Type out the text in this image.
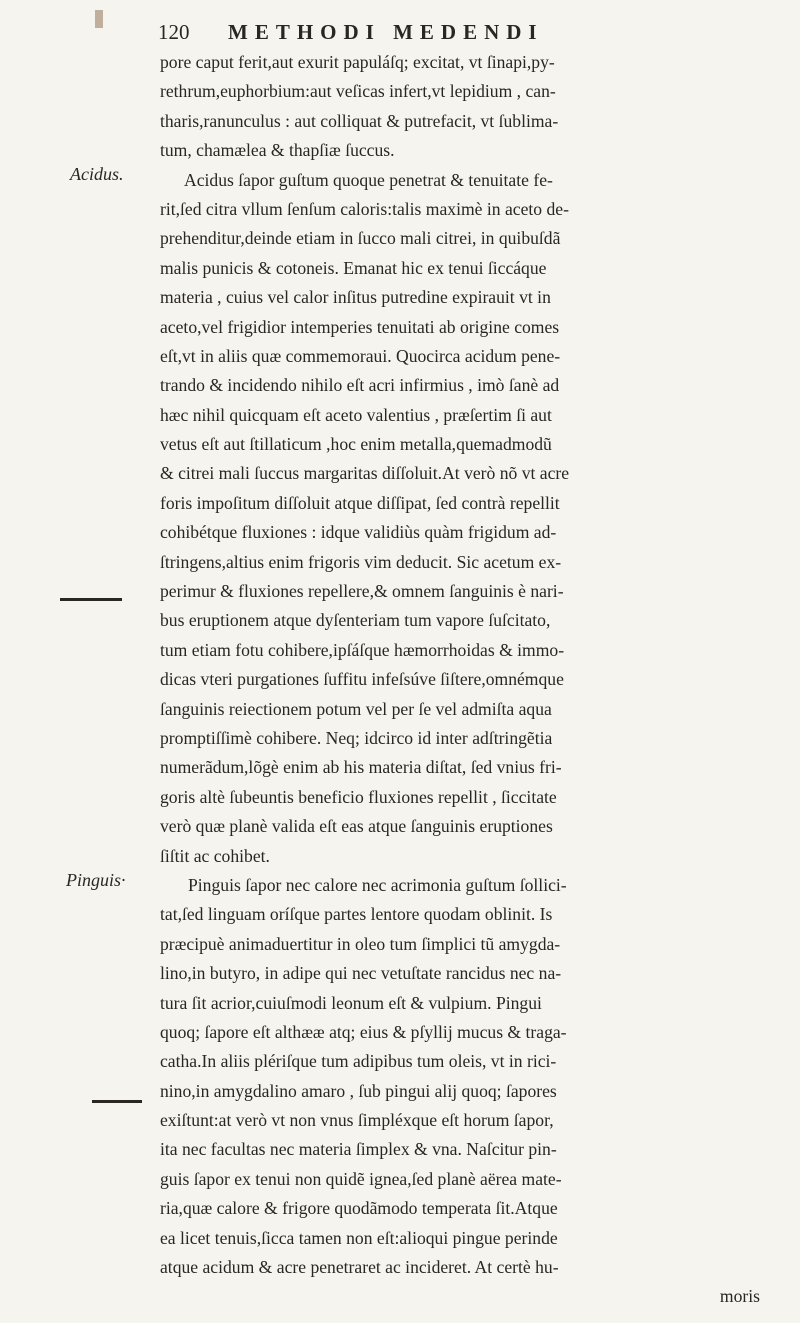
120 METHODI MEDENDI
Acidus.
Pinguis·
pore caput ferit,aut exurit papuláſq; excitat, vt ſinapi,py-
rethrum,euphorbium:aut veſicas infert,vt lepidium , can-
tharis,ranunculus : aut colliquat & putrefacit, vt ſublima-
tum, chamælea & thapſiæ ſuccus.
Acidus ſapor guſtum quoque penetrat & tenuitate fe-
rit,ſed citra vllum ſenſum caloris:talis maximè in aceto de-
prehenditur,deinde etiam in ſucco mali citrei, in quibuſdã
malis punicis & cotoneis. Emanat hic ex tenui ſiccáque
materia , cuius vel calor inſitus putredine expirauit vt in
aceto,vel frigidior intemperies tenuitati ab origine comes
eſt,vt in aliis quæ commemoraui. Quocirca acidum pene-
trando & incidendo nihilo eſt acri infirmius , imò ſanè ad
hæc nihil quicquam eſt aceto valentius , præſertim ſi aut
vetus eſt aut ſtillaticum ,hoc enim metalla,quemadmodũ
& citrei mali ſuccus margaritas diſſoluit.At verò nõ vt acre
foris impoſitum diſſoluit atque diſſipat, ſed contrà repellit
cohibétque fluxiones : idque validiùs quàm frigidum ad-
ſtringens,altius enim frigoris vim deducit. Sic acetum ex-
perimur & fluxiones repellere,& omnem ſanguinis è nari-
bus eruptionem atque dyſenteriam tum vapore ſuſcitato,
tum etiam fotu cohibere,ipſáſque hæmorrhoidas & immo-
dicas vteri purgationes ſuffitu infeſsúve ſiſtere,omnémque
ſanguinis reiectionem potum vel per ſe vel admiſta aqua
promptiſſimè cohibere. Neq; idcirco id inter adſtringẽtia
numerãdum,lõgè enim ab his materia diſtat, ſed vnius fri-
goris altè ſubeuntis beneficio fluxiones repellit , ſiccitate
verò quæ planè valida eſt eas atque ſanguinis eruptiones
ſiſtit ac cohibet.
Pinguis ſapor nec calore nec acrimonia guſtum ſollici-
tat,ſed linguam oríſque partes lentore quodam oblinit. Is
præcipuè animaduertitur in oleo tum ſimplici tũ amygda-
lino,in butyro, in adipe qui nec vetuſtate rancidus nec na-
tura ſit acrior,cuiuſmodi leonum eſt & vulpium. Pingui
quoq; ſapore eſt althææ atq; eius & pſyllij mucus & traga-
catha.In aliis plériſque tum adipibus tum oleis, vt in rici-
nino,in amygdalino amaro , ſub pingui alij quoq; ſapores
exiſtunt:at verò vt non vnus ſimpléxque eſt horum ſapor,
ita nec facultas nec materia ſimplex & vna. Naſcitur pin-
guis ſapor ex tenui non quidẽ ignea,ſed planè aërea mate-
ria,quæ calore & frigore quodãmodo temperata ſit.Atque
ea licet tenuis,ſicca tamen non eſt:alioqui pingue perinde
atque acidum & acre penetraret ac incideret. At certè hu-
moris
